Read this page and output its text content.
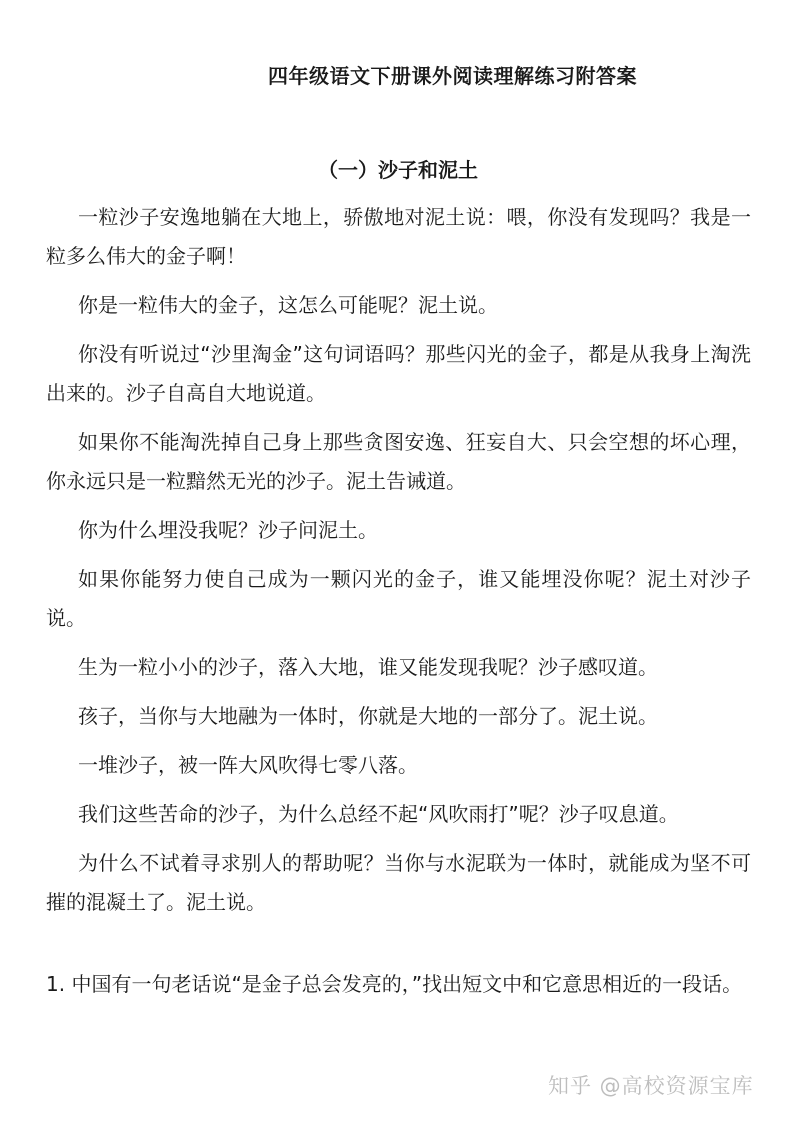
四年级语文下册课外阅读理解练习附答案
（一）沙子和泥土

一粒沙子安逸地躺在大地上，骄傲地对泥土说：喂，你没有发现吗？我是一粒多么伟大的金子啊！

你是一粒伟大的金子，这怎么可能呢？泥土说。

你没有听说过“沙里淘金”这句词语吗？那些闪光的金子，都是从我身上淘洗出来的。沙子自高自大地说道。

如果你不能淘洗掉自己身上那些贪图安逸、狂妄自大、只会空想的坏心理，你永远只是一粒黯然无光的沙子。泥土告诫道。

你为什么埋没我呢？沙子问泥土。

如果你能努力使自己成为一颗闪光的金子，谁又能埋没你呢？泥土对沙子说。

生为一粒小小的沙子，落入大地，谁又能发现我呢？沙子感叹道。

孩子，当你与大地融为一体时，你就是大地的一部分了。泥土说。

一堆沙子，被一阵大风吹得七零八落。

我们这些苦命的沙子，为什么总经不起“风吹雨打”呢？沙子叹息道。

为什么不试着寻求别人的帮助呢？当你与水泥联为一体时，就能成为坚不可摧的混凝土了。泥土说。

1. 中国有一句老话说“是金子总会发亮的，”找出短文中和它意思相近的一段话。

知乎 @高校资源宝库
